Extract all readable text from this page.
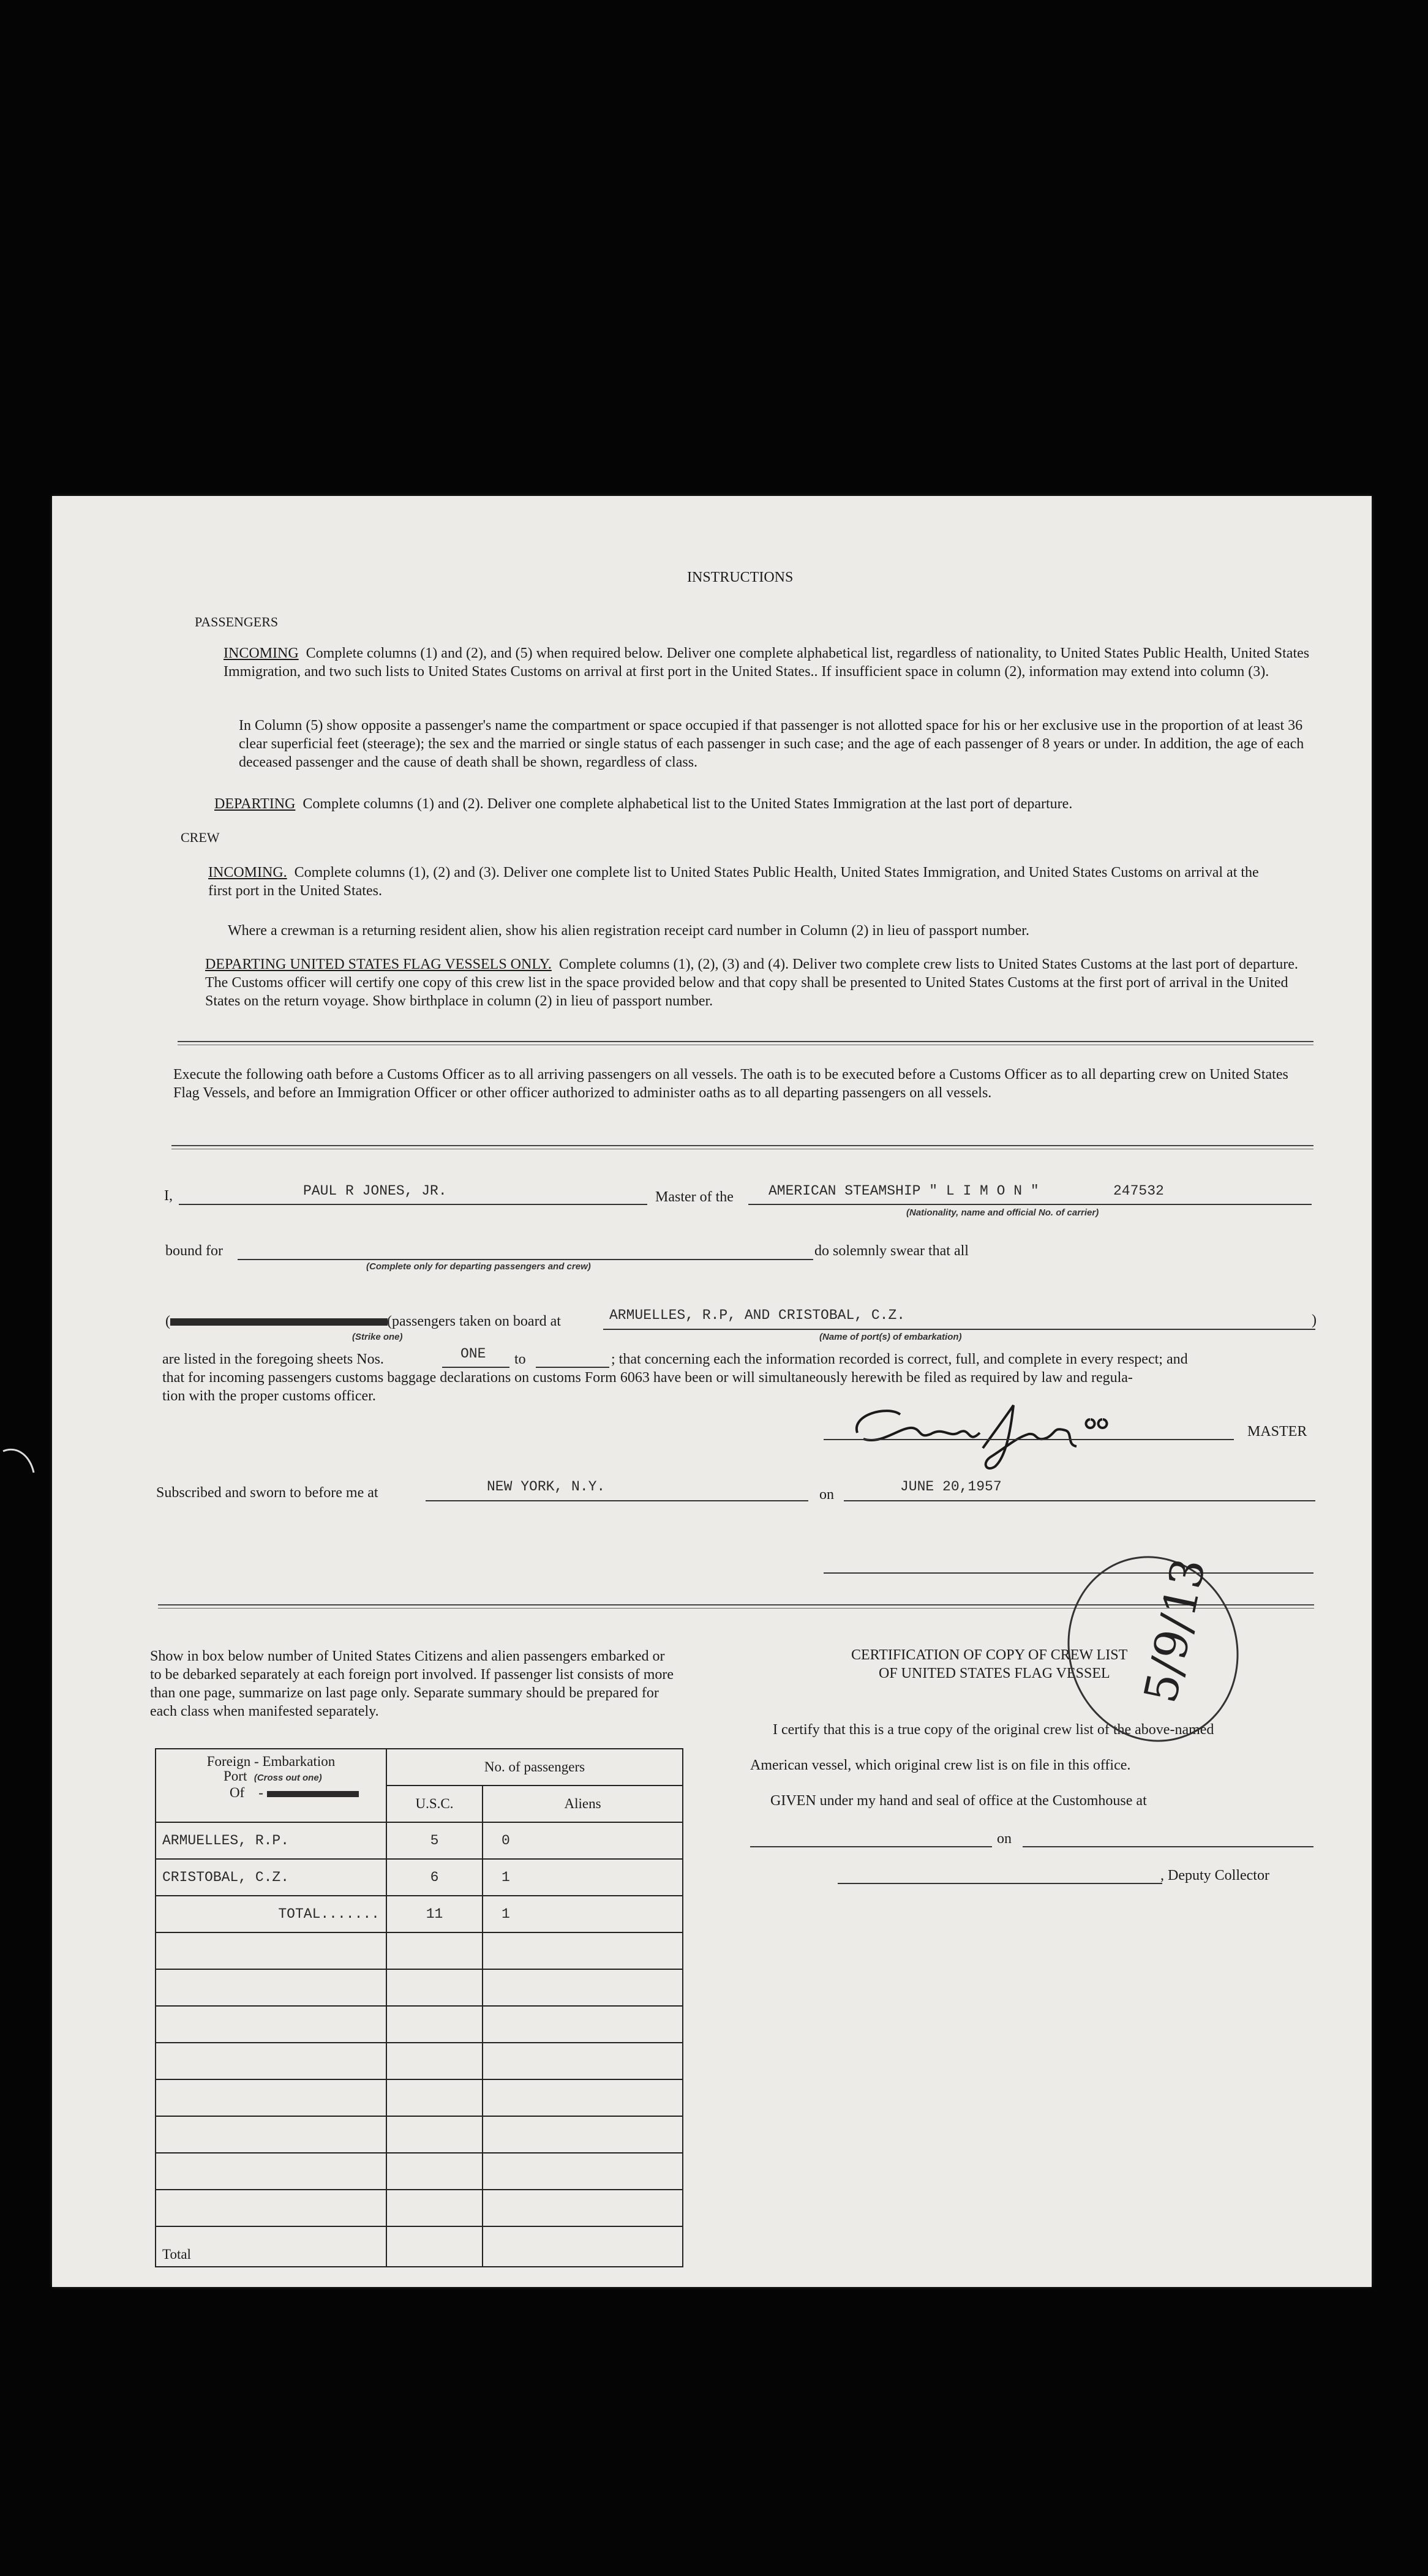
INSTRUCTIONS
PASSENGERS
INCOMING Complete columns (1) and (2), and (5) when required below. Deliver one complete alphabetical list, regardless of nationality, to United States Public Health, United States Immigration, and two such lists to United States Customs on arrival at first port in the United States.. If insufficient space in column (2), information may extend into column (3).
In Column (5) show opposite a passenger's name the compartment or space occupied if that passenger is not allotted space for his or her exclusive use in the proportion of at least 36 clear superficial feet (steerage); the sex and the married or single status of each passenger in such case; and the age of each passenger of 8 years or under. In addition, the age of each deceased passenger and the cause of death shall be shown, regardless of class.
DEPARTING Complete columns (1) and (2). Deliver one complete alphabetical list to the United States Immigration at the last port of departure.
CREW
INCOMING. Complete columns (1), (2) and (3). Deliver one complete list to United States Public Health, United States Immigration, and United States Customs on arrival at the first port in the United States.
Where a crewman is a returning resident alien, show his alien registration receipt card number in Column (2) in lieu of passport number.
DEPARTING UNITED STATES FLAG VESSELS ONLY. Complete columns (1), (2), (3) and (4). Deliver two complete crew lists to United States Customs at the last port of departure. The Customs officer will certify one copy of this crew list in the space provided below and that copy shall be presented to United States Customs at the first port of arrival in the United States on the return voyage. Show birthplace in column (2) in lieu of passport number.
Execute the following oath before a Customs Officer as to all arriving passengers on all vessels. The oath is to be executed before a Customs Officer as to all departing crew on United States Flag Vessels, and before an Immigration Officer or other officer authorized to administer oaths as to all departing passengers on all vessels.
I,	PAUL R JONES, JR.	Master of the AMERICAN STEAMSHIP " L I M O N "	247532
(Nationality, name and official No. of carrier)
bound for	do solemnly swear that all
(Complete only for departing passengers and crew)
(	(passengers taken on board at	ARMUELLES, R.P, AND CRISTOBAL, C.Z.	)
(Strike one)	(Name of port(s) of embarkation)
are listed in the foregoing sheets Nos.	ONE to	; that concerning each the information recorded is correct, full, and complete in every respect; and
that for incoming passengers customs baggage declarations on customs Form 6063 have been or will simultaneously herewith be filed as required by law and regula-
tion with the proper customs officer.
MASTER
Subscribed and sworn to before me at	NEW YORK, N.Y.	on	JUNE 20,1957
Show in box below number of United States Citizens and alien passengers embarked or to be debarked separately at each foreign port involved. If passenger list consists of more than one page, summarize on last page only. Separate summary should be prepared for each class when manifested separately.
Foreign - Embarkation
Port (Cross out one)
Of    -	No. of passengers	
	U.S.C.	Aliens
ARMUELLES, R.P.	5	0
CRISTOBAL, C.Z.	6	1
TOTAL.......	11	1

Total		
CERTIFICATION OF COPY OF CREW LIST
OF UNITED STATES FLAG VESSEL
I certify that this is a true copy of the original crew list of the above-named
American vessel, which original crew list is on file in this office.
GIVEN under my hand and seal of office at the Customhouse at
on
, Deputy Collector
5/9/13
